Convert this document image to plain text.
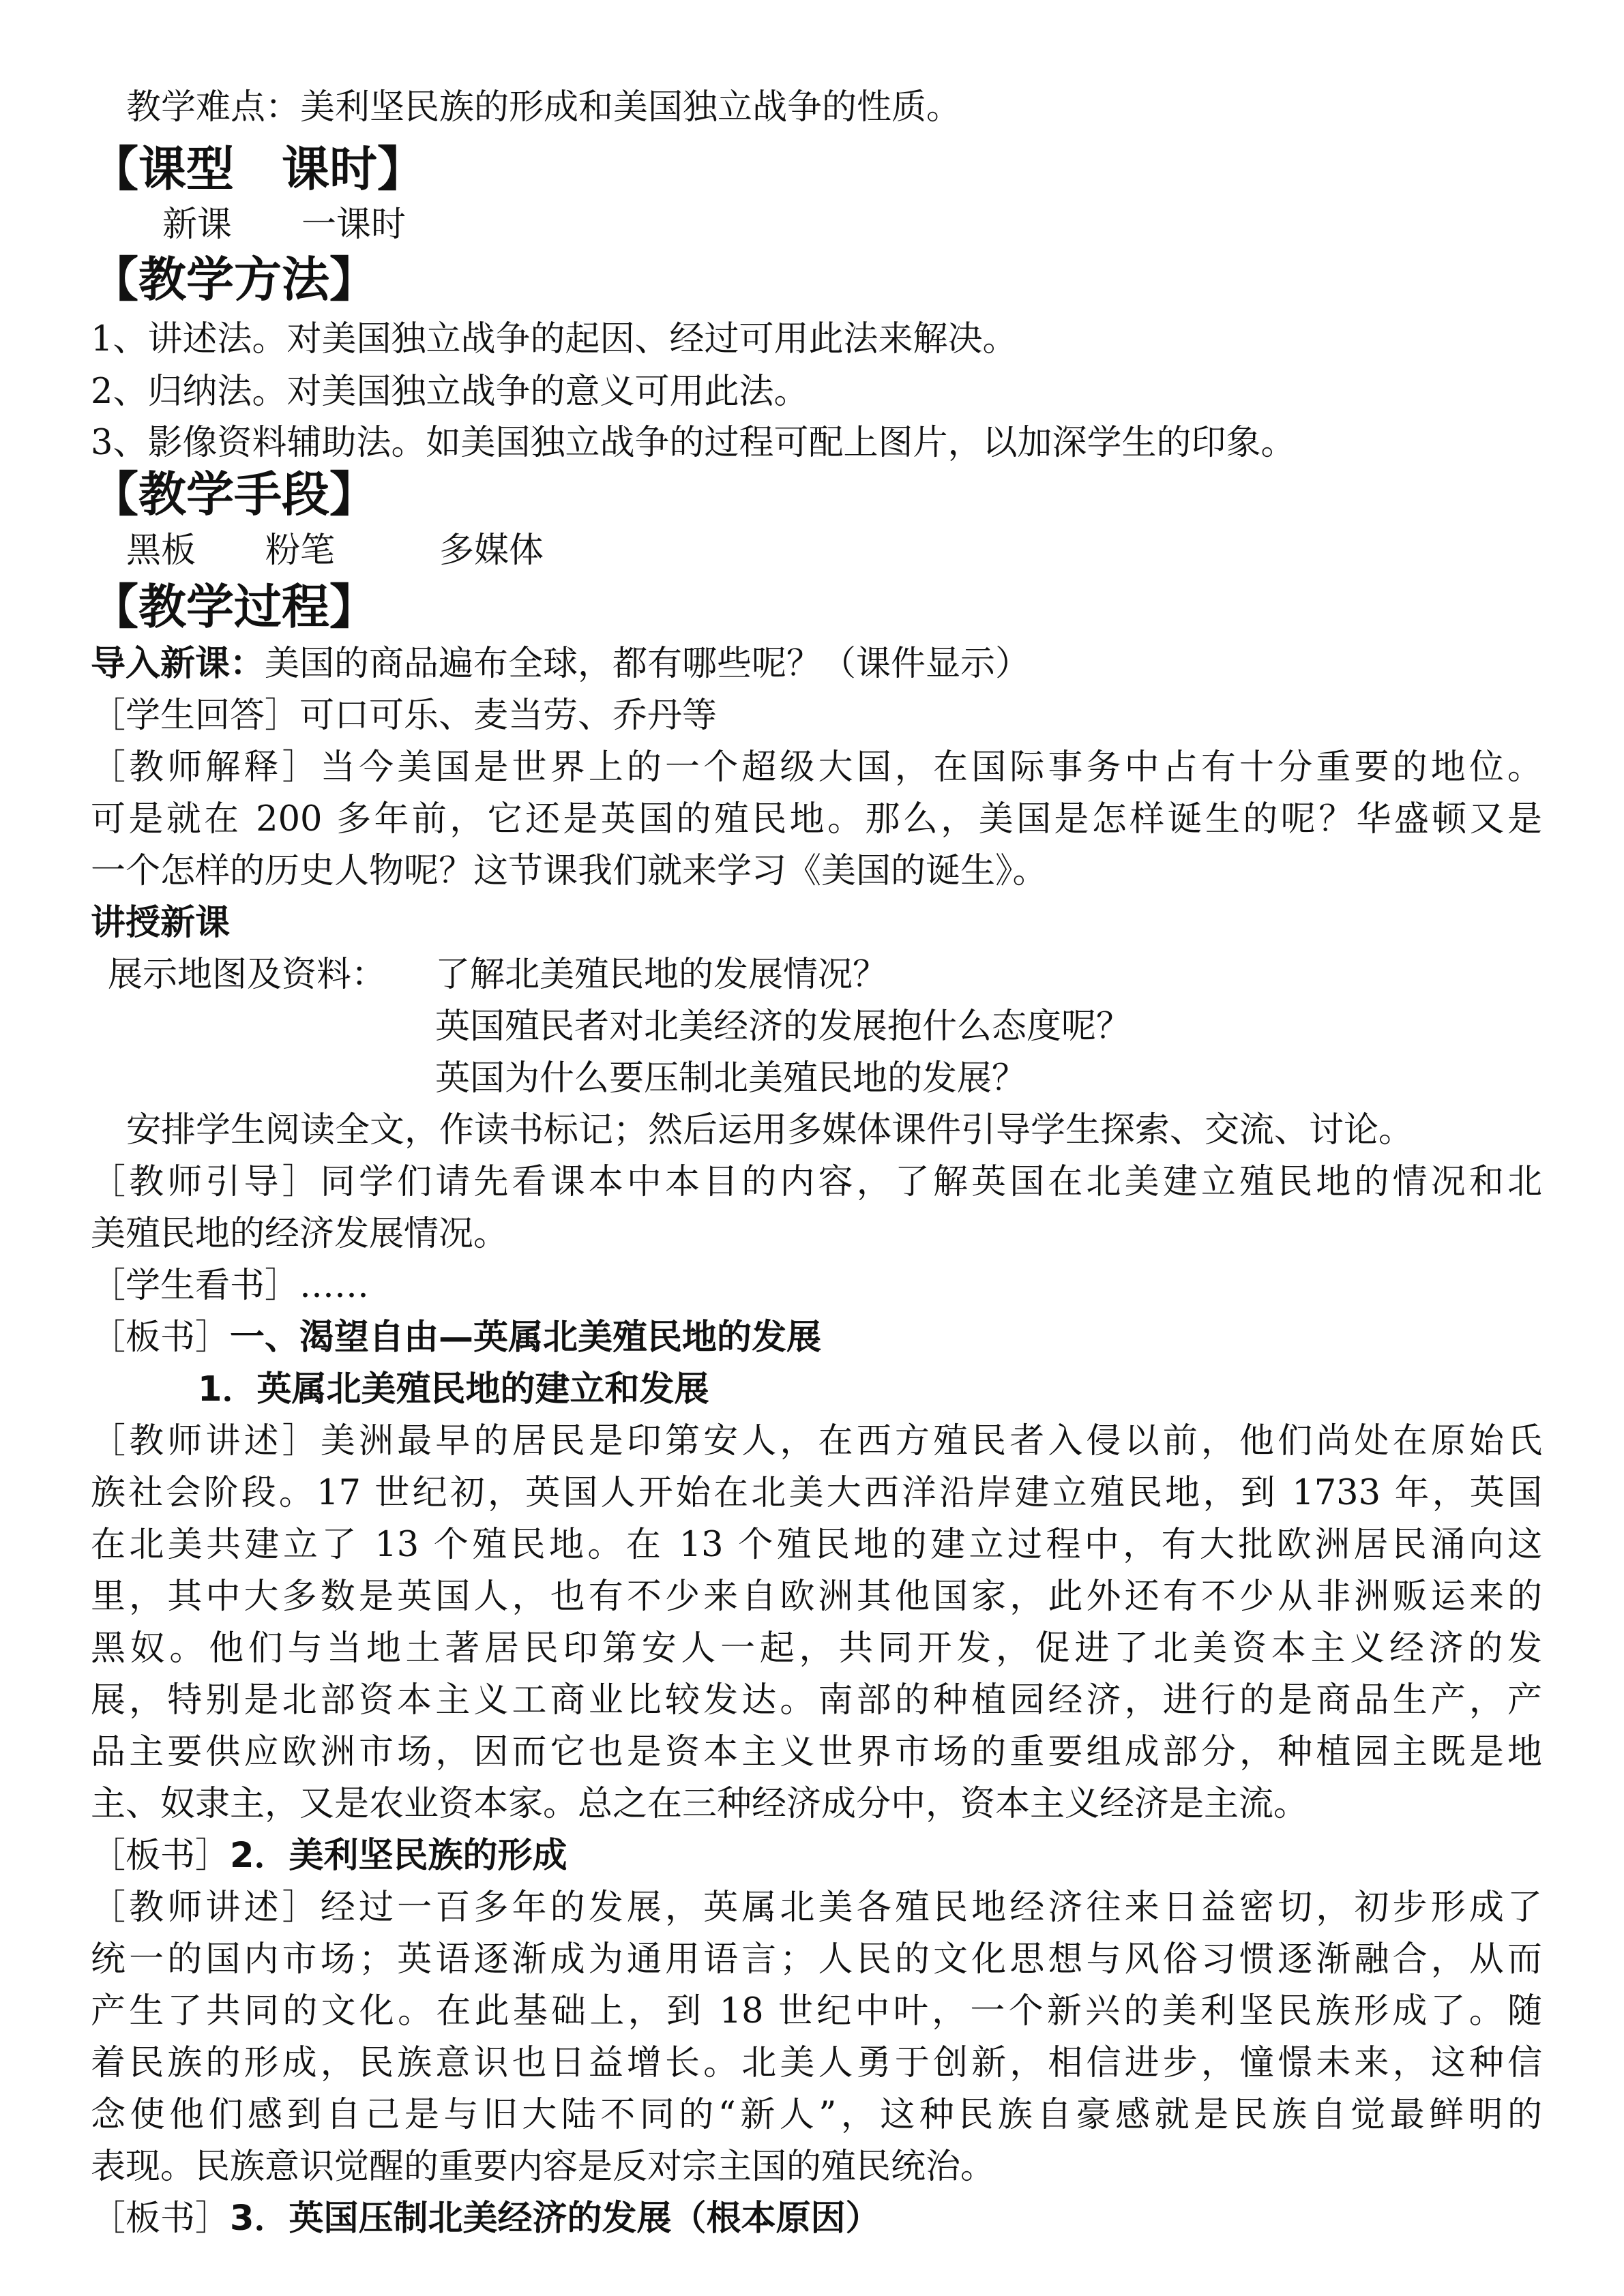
教学难点：美利坚民族的形成和美国独立战争的性质。
【课型　课时】
新课　　一课时
【教学方法】
1、讲述法。对美国独立战争的起因、经过可用此法来解决。
2、归纳法。对美国独立战争的意义可用此法。
3、影像资料辅助法。如美国独立战争的过程可配上图片，以加深学生的印象。
【教学手段】
黑板　　粉笔　　　多媒体
【教学过程】
导入新课：美国的商品遍布全球，都有哪些呢？（课件显示）
［学生回答］可口可乐、麦当劳、乔丹等
［教师解释］当今美国是世界上的一个超级大国，在国际事务中占有十分重要的地位。
可是就在 200 多年前，它还是英国的殖民地。那么，美国是怎样诞生的呢？华盛顿又是
一个怎样的历史人物呢？这节课我们就来学习《美国的诞生》。
讲授新课
展示地图及资料： 了解北美殖民地的发展情况？
英国殖民者对北美经济的发展抱什么态度呢？
英国为什么要压制北美殖民地的发展？
安排学生阅读全文，作读书标记；然后运用多媒体课件引导学生探索、交流、讨论。
［教师引导］同学们请先看课本中本目的内容，了解英国在北美建立殖民地的情况和北
美殖民地的经济发展情况。
［学生看书］……
［板书］一、渴望自由—英属北美殖民地的发展
1．英属北美殖民地的建立和发展
［教师讲述］美洲最早的居民是印第安人，在西方殖民者入侵以前，他们尚处在原始氏
族社会阶段。17 世纪初，英国人开始在北美大西洋沿岸建立殖民地，到 1733 年，英国
在北美共建立了 13 个殖民地。在 13 个殖民地的建立过程中，有大批欧洲居民涌向这
里，其中大多数是英国人，也有不少来自欧洲其他国家，此外还有不少从非洲贩运来的
黑奴。他们与当地土著居民印第安人一起，共同开发，促进了北美资本主义经济的发
展，特别是北部资本主义工商业比较发达。南部的种植园经济，进行的是商品生产，产
品主要供应欧洲市场，因而它也是资本主义世界市场的重要组成部分，种植园主既是地
主、奴隶主，又是农业资本家。总之在三种经济成分中，资本主义经济是主流。
［板书］2．美利坚民族的形成
［教师讲述］经过一百多年的发展，英属北美各殖民地经济往来日益密切，初步形成了
统一的国内市场；英语逐渐成为通用语言；人民的文化思想与风俗习惯逐渐融合，从而
产生了共同的文化。在此基础上，到 18 世纪中叶，一个新兴的美利坚民族形成了。随
着民族的形成，民族意识也日益增长。北美人勇于创新，相信进步，憧憬未来，这种信
念使他们感到自己是与旧大陆不同的“新人”，这种民族自豪感就是民族自觉最鲜明的
表现。民族意识觉醒的重要内容是反对宗主国的殖民统治。
［板书］3．英国压制北美经济的发展（根本原因）
